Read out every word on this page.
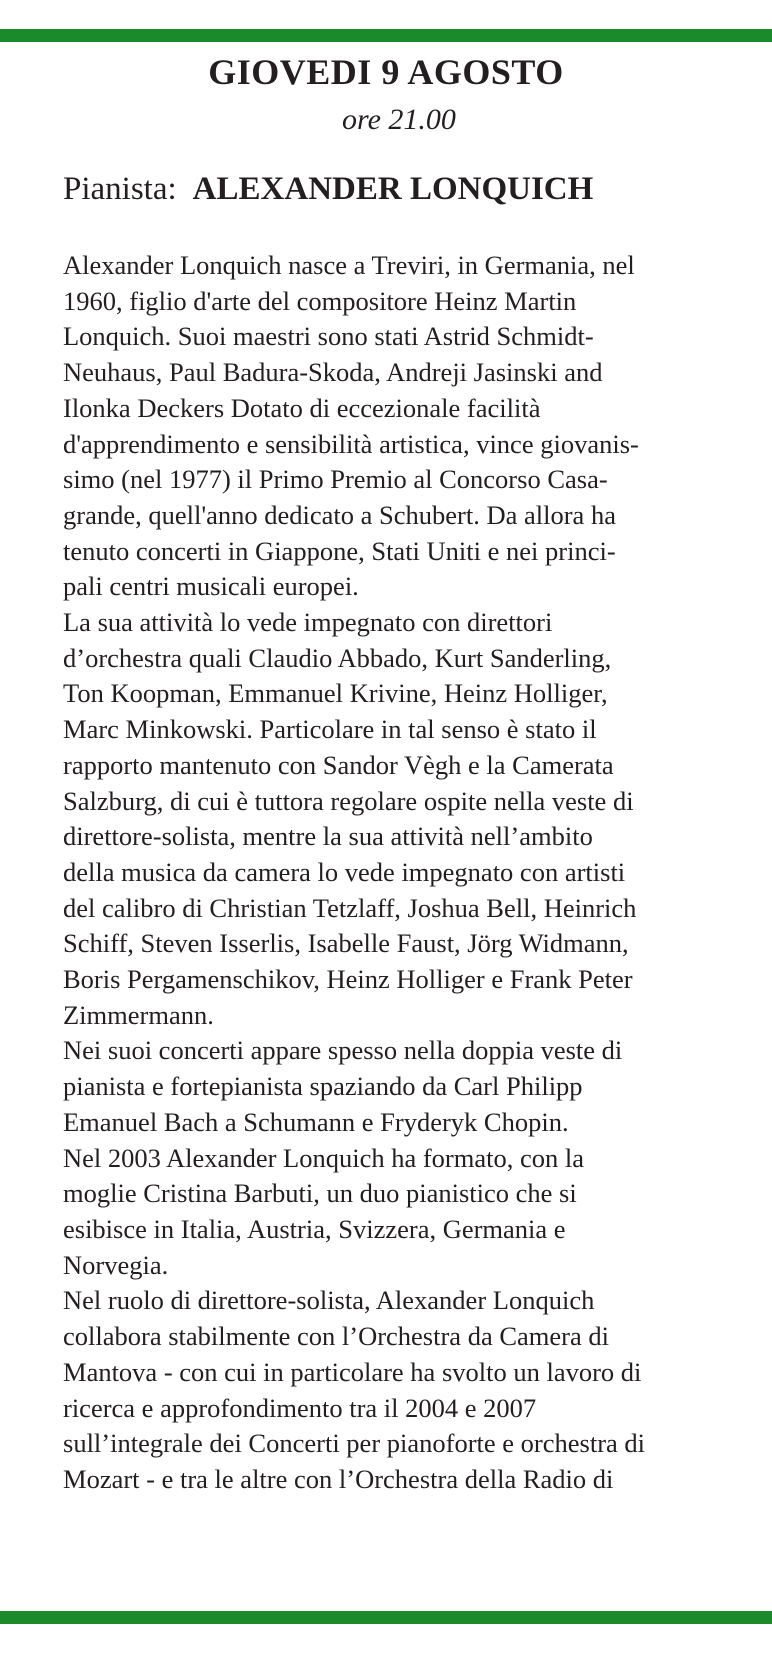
GIOVEDI 9 AGOSTO
ore 21.00
Pianista: ALEXANDER LONQUICH
Alexander Lonquich nasce a Treviri, in Germania, nel
1960, figlio d'arte del compositore Heinz Martin
Lonquich. Suoi maestri sono stati Astrid Schmidt-
Neuhaus, Paul Badura-Skoda, Andreji Jasinski and
Ilonka Deckers Dotato di eccezionale facilità
d'apprendimento e sensibilità artistica, vince giovanis-
simo (nel 1977) il Primo Premio al Concorso Casa-
grande, quell'anno dedicato a Schubert. Da allora ha
tenuto concerti in Giappone, Stati Uniti e nei princi-
pali centri musicali europei.
La sua attività lo vede impegnato con direttori
d’orchestra quali Claudio Abbado, Kurt Sanderling,
Ton Koopman, Emmanuel Krivine, Heinz Holliger,
Marc Minkowski. Particolare in tal senso è stato il
rapporto mantenuto con Sandor Vègh e la Camerata
Salzburg, di cui è tuttora regolare ospite nella veste di
direttore-solista, mentre la sua attività nell’ambito
della musica da camera lo vede impegnato con artisti
del calibro di Christian Tetzlaff, Joshua Bell, Heinrich
Schiff, Steven Isserlis, Isabelle Faust, Jörg Widmann,
Boris Pergamenschikov, Heinz Holliger e Frank Peter
Zimmermann.
Nei suoi concerti appare spesso nella doppia veste di
pianista e fortepianista spaziando da Carl Philipp
Emanuel Bach a Schumann e Fryderyk Chopin.
Nel 2003 Alexander Lonquich ha formato, con la
moglie Cristina Barbuti, un duo pianistico che si
esibisce in Italia, Austria, Svizzera, Germania e
Norvegia.
Nel ruolo di direttore-solista, Alexander Lonquich
collabora stabilmente con l’Orchestra da Camera di
Mantova - con cui in particolare ha svolto un lavoro di
ricerca e approfondimento tra il 2004 e 2007
sull’integrale dei Concerti per pianoforte e orchestra di
Mozart - e tra le altre con l’Orchestra della Radio di
